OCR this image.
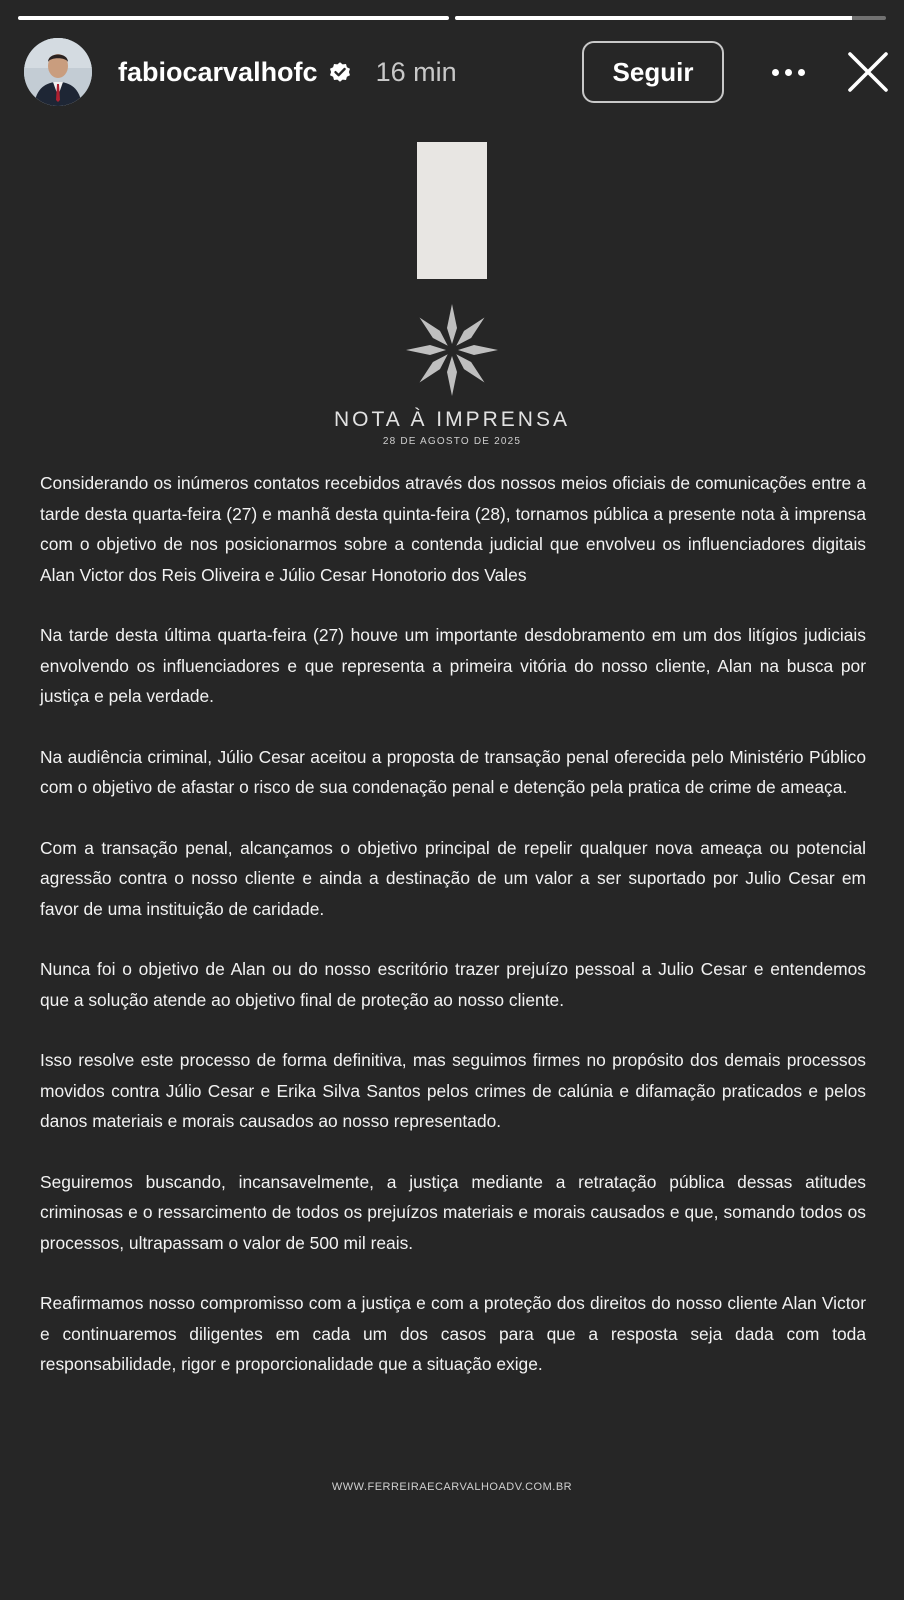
fabiocarvalhofc 16 min	Seguir
NOTA À IMPRENSA
28 DE AGOSTO DE 2025

Considerando os inúmeros contatos recebidos através dos nossos meios oficiais de comunicações entre a tarde desta quarta-feira (27) e manhã desta quinta-feira (28), tornamos pública a presente nota à imprensa com o objetivo de nos posicionarmos sobre a contenda judicial que envolveu os influenciadores digitais Alan Victor dos Reis Oliveira e Júlio Cesar Honotorio dos Vales

Na tarde desta última quarta-feira (27) houve um importante desdobramento em um dos litígios judiciais envolvendo os influenciadores e que representa a primeira vitória do nosso cliente, Alan na busca por justiça e pela verdade.

Na audiência criminal, Júlio Cesar aceitou a proposta de transação penal oferecida pelo Ministério Público com o objetivo de afastar o risco de sua condenação penal e detenção pela pratica de crime de ameaça.

Com a transação penal, alcançamos o objetivo principal de repelir qualquer nova ameaça ou potencial agressão contra o nosso cliente e ainda a destinação de um valor a ser suportado por Julio Cesar em favor de uma instituição de caridade.

Nunca foi o objetivo de Alan ou do nosso escritório trazer prejuízo pessoal a Julio Cesar e entendemos que a solução atende ao objetivo final de proteção ao nosso cliente.

Isso resolve este processo de forma definitiva, mas seguimos firmes no propósito dos demais processos movidos contra Júlio Cesar e Erika Silva Santos pelos crimes de calúnia e difamação praticados e pelos danos materiais e morais causados ao nosso representado.

Seguiremos buscando, incansavelmente, a justiça mediante a retratação pública dessas atitudes criminosas e o ressarcimento de todos os prejuízos materiais e morais causados e que, somando todos os processos, ultrapassam o valor de 500 mil reais.

Reafirmamos nosso compromisso com a justiça e com a proteção dos direitos do nosso cliente Alan Victor e continuaremos diligentes em cada um dos casos para que a resposta seja dada com toda responsabilidade, rigor e proporcionalidade que a situação exige.

WWW.FERREIRAECARVALHOADV.COM.BR
